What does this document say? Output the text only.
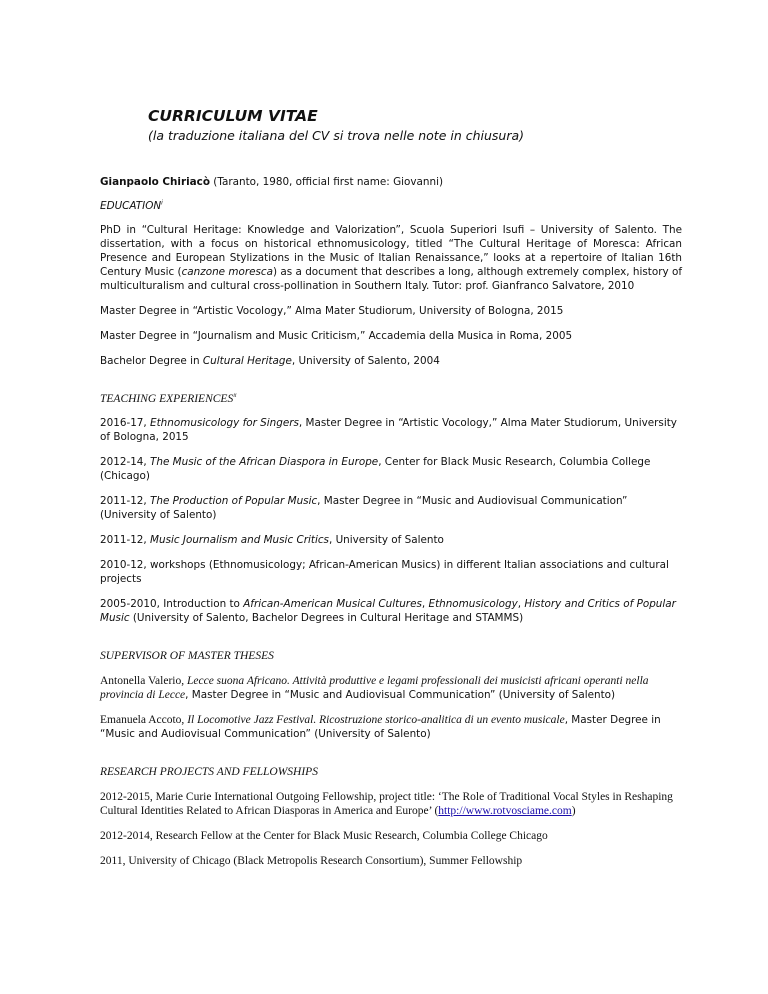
CURRICULUM VITAE

(la traduzione italiana del CV si trova nelle note in chiusura)

Gianpaolo Chiriacò (Taranto, 1980, official first name: Giovanni)

EDUCATION$^i$

PhD in “Cultural Heritage: Knowledge and Valorization”, Scuola Superiori Isufi – University of Salento. The dissertation, with a focus on historical ethnomusicology, titled “The Cultural Heritage of Moresca: African Presence and European Stylizations in the Music of Italian Renaissance,” looks at a repertoire of Italian 16th Century Music (canzone moresca) as a document that describes a long, although extremely complex, history of multiculturalism and cultural cross-pollination in Southern Italy. Tutor: prof. Gianfranco Salvatore, 2010

Master Degree in “Artistic Vocology,” Alma Mater Studiorum, University of Bologna, 2015

Master Degree in “Journalism and Music Criticism,” Accademia della Musica in Roma, 2005

Bachelor Degree in Cultural Heritage, University of Salento, 2004

TEACHING EXPERIENCES$^{ii}$

2016-17, Ethnomusicology for Singers, Master Degree in “Artistic Vocology,” Alma Mater Studiorum, University of Bologna, 2015

2012-14, The Music of the African Diaspora in Europe, Center for Black Music Research, Columbia College (Chicago)

2011-12, The Production of Popular Music, Master Degree in “Music and Audiovisual Communication” (University of Salento)

2011-12, Music Journalism and Music Critics, University of Salento

2010-12, workshops (Ethnomusicology; African-American Musics) in different Italian associations and cultural projects

2005-2010, Introduction to African-American Musical Cultures, Ethnomusicology, History and Critics of Popular Music (University of Salento, Bachelor Degrees in Cultural Heritage and STAMMS)

SUPERVISOR OF MASTER THESES

Antonella Valerio, Lecce suona Africano. Attività produttive e legami professionali dei musicisti africani operanti nella provincia di Lecce, Master Degree in “Music and Audiovisual Communication” (University of Salento)

Emanuela Accoto, Il Locomotive Jazz Festival. Ricostruzione storico-analitica di un evento musicale, Master Degree in “Music and Audiovisual Communication” (University of Salento)

RESEARCH PROJECTS AND FELLOWSHIPS

2012-2015, Marie Curie International Outgoing Fellowship, project title: ‘The Role of Traditional Vocal Styles in Reshaping Cultural Identities Related to African Diasporas in America and Europe’ (http://www.rotvosciame.com)

2012-2014, Research Fellow at the Center for Black Music Research, Columbia College Chicago

2011, University of Chicago (Black Metropolis Research Consortium), Summer Fellowship
